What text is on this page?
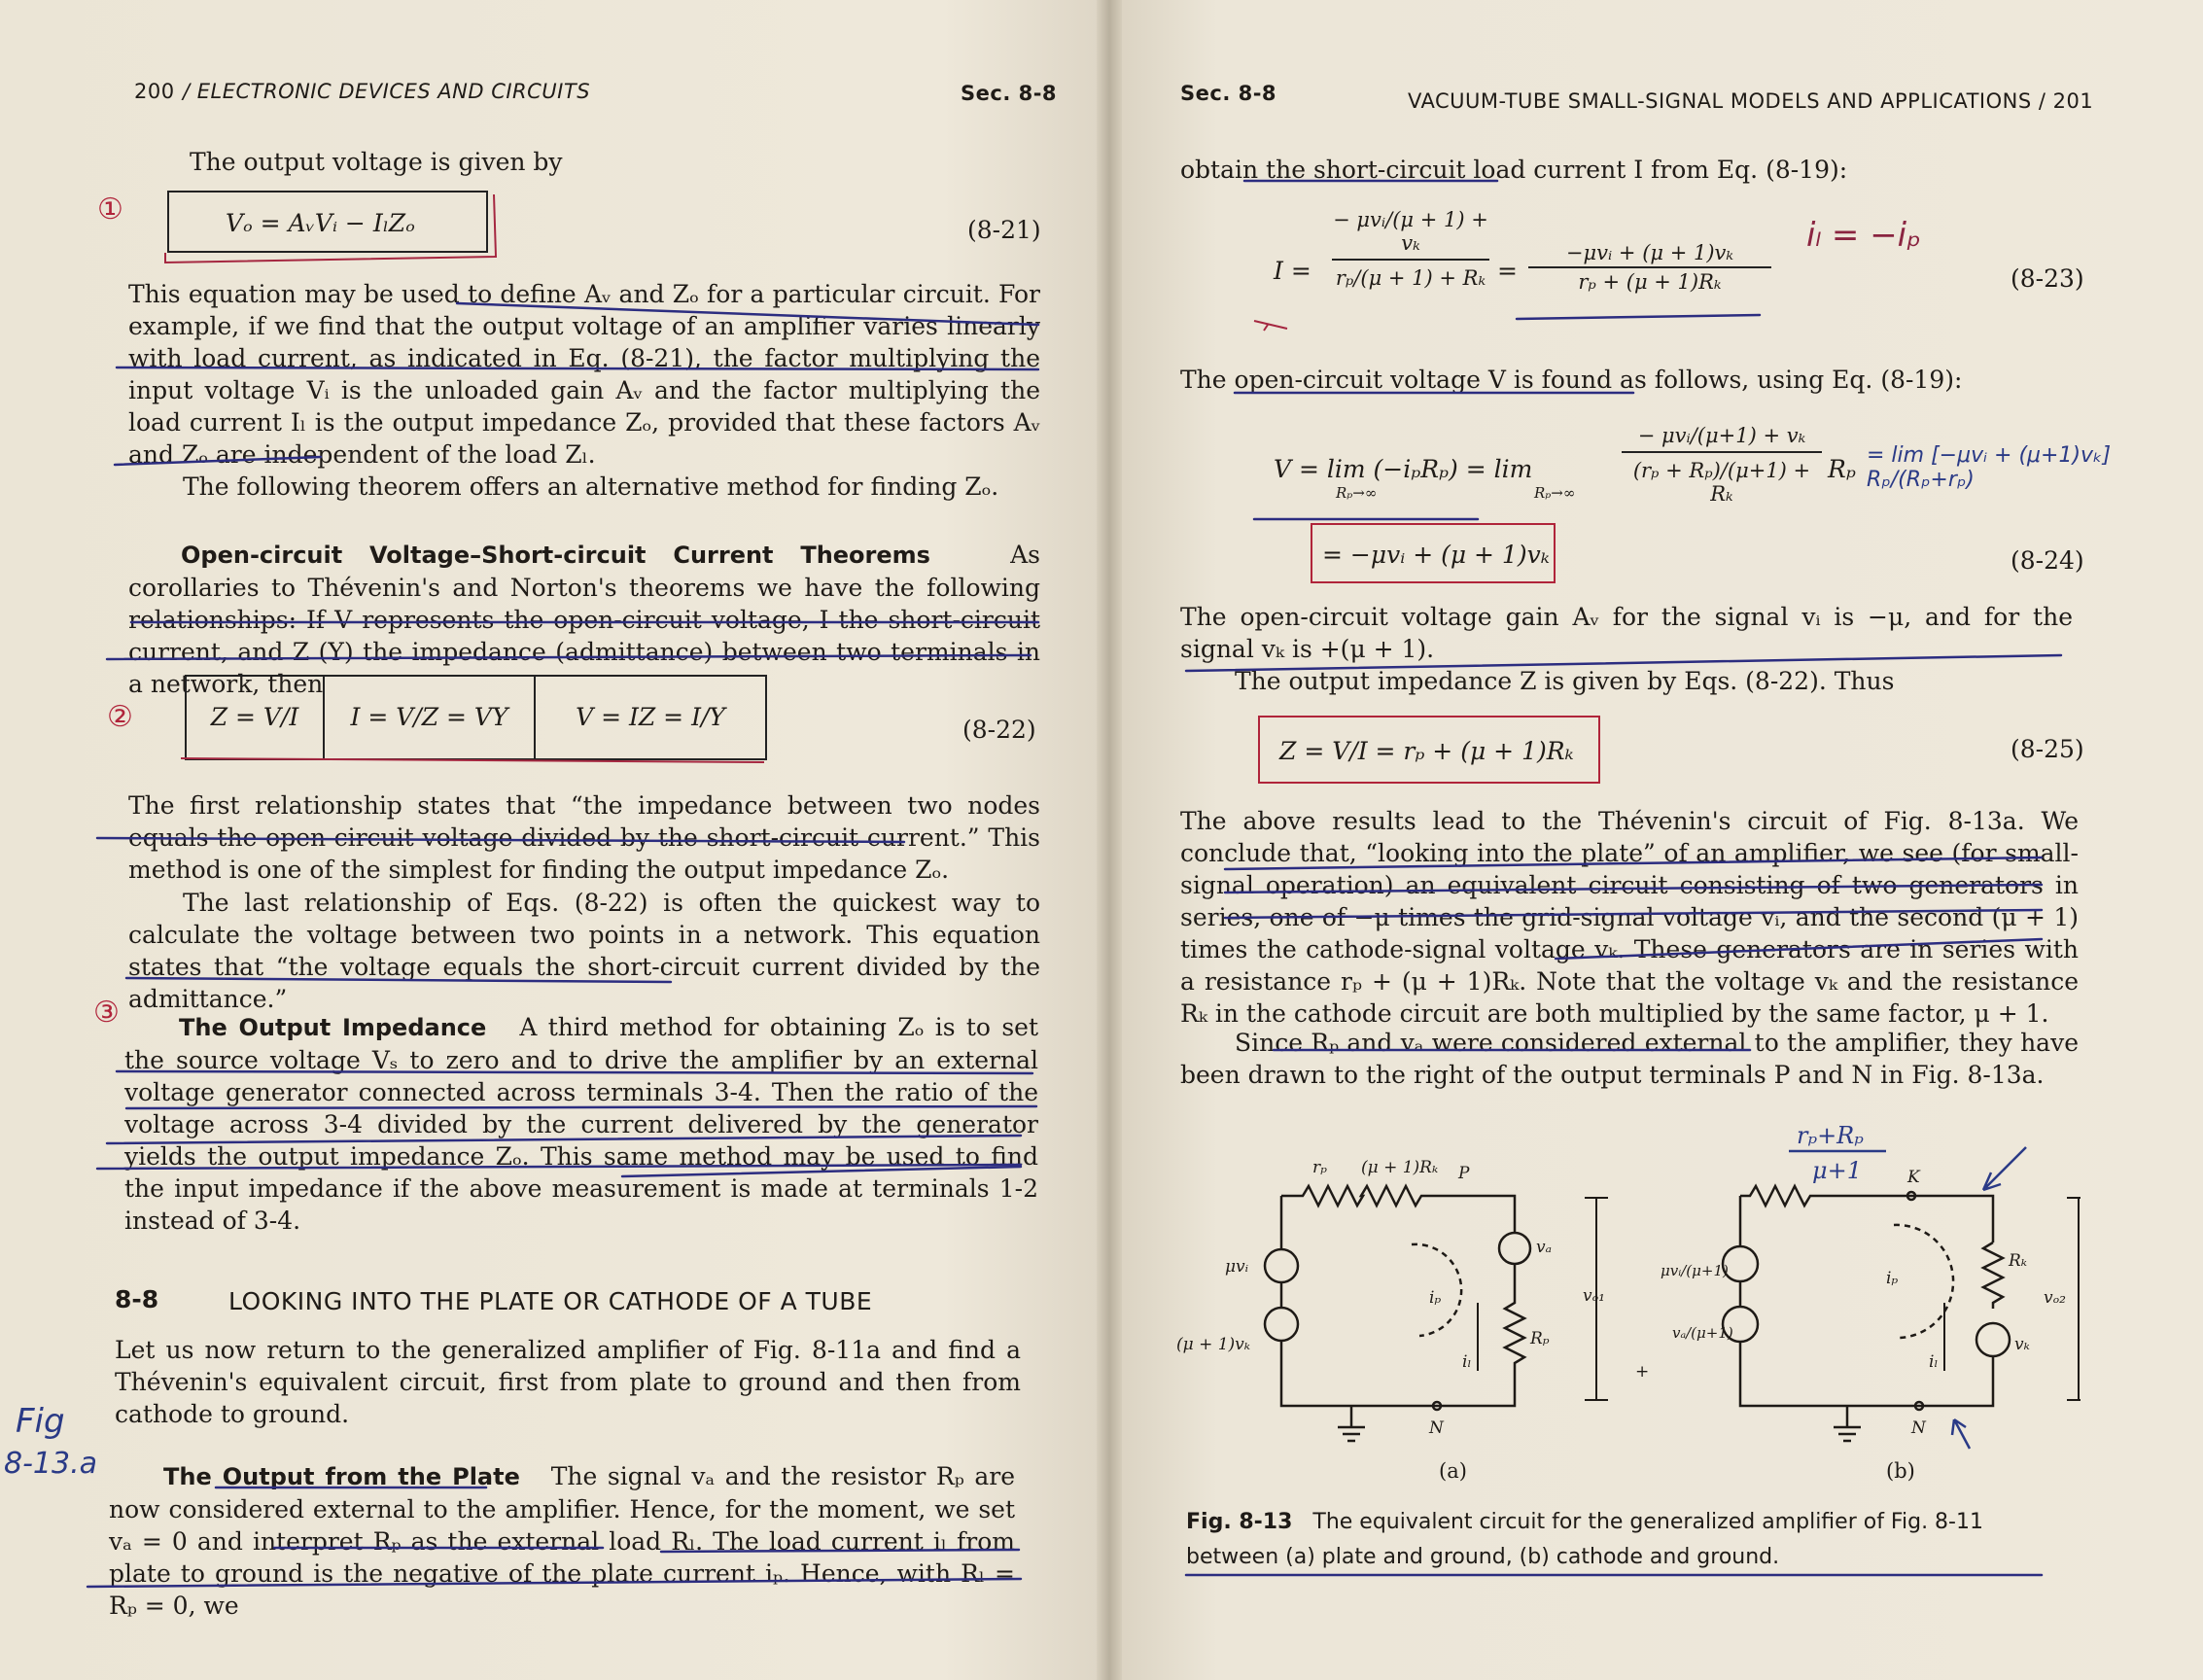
200 / ELECTRONIC DEVICES AND CIRCUITS	Sec. 8-8
The output voltage is given by
①	Vₒ = AᵥVᵢ − IₗZₒ	(8-21)
This equation may be used to define Aᵥ and Zₒ for a particular circuit. For example, if we find that the output voltage of an amplifier varies linearly with load current, as indicated in Eq. (8-21), the factor multiplying the input voltage Vᵢ is the unloaded gain Aᵥ and the factor multiplying the load current Iₗ is the output impedance Zₒ, provided that these factors Aᵥ and Zₒ are independent of the load Zₗ.
The following theorem offers an alternative method for finding Zₒ.
Open-circuit Voltage–Short-circuit Current Theorems	As corollaries to Thévenin's and Norton's theorems we have the following relationships: If V represents the open-circuit voltage, I the short-circuit current, and Z (Y) the impedance (admittance) between two terminals in a network, then
②	Z = V/I	I = V/Z = VY	V = IZ = I/Y	(8-22)
The first relationship states that “the impedance between two nodes equals the open-circuit voltage divided by the short-circuit current.” This method is one of the simplest for finding the output impedance Zₒ.
The last relationship of Eqs. (8-22) is often the quickest way to calculate the voltage between two points in a network. This equation states that “the voltage equals the short-circuit current divided by the admittance.”
③	The Output Impedance A third method for obtaining Zₒ is to set the source voltage Vₛ to zero and to drive the amplifier by an external voltage generator connected across terminals 3-4. Then the ratio of the voltage across 3-4 divided by the current delivered by the generator yields the output impedance Zₒ. This same method may be used to find the input impedance if the above measurement is made at terminals 1-2 instead of 3-4.
8-8	LOOKING INTO THE PLATE OR CATHODE OF A TUBE
Let us now return to the generalized amplifier of Fig. 8-11a and find a Thévenin's equivalent circuit, first from plate to ground and then from cathode to ground.
Fig
8-13.a	The Output from the Plate The signal vₐ and the resistor Rₚ are now considered external to the amplifier. Hence, for the moment, we set vₐ = 0 and interpret Rₚ as the external load Rₗ. The load current iₗ from plate to ground is the negative of the plate current iₚ. Hence, with Rₗ = Rₚ = 0, we
Sec. 8-8	VACUUM-TUBE SMALL-SIGNAL MODELS AND APPLICATIONS / 201
obtain the short-circuit load current I from Eq. (8-19):
I =
− μvᵢ/(μ + 1) + vₖ
rₚ/(μ + 1) + Rₖ =
−μvᵢ + (μ + 1)vₖ
rₚ + (μ + 1)Rₖ
iₗ = −iₚ
(8-23)
The open-circuit voltage V is found as follows, using Eq. (8-19):
V = lim (−iₚRₚ) = lim
Rₚ→∞	Rₚ→∞
− μvᵢ/(μ+1) + vₖ
(rₚ + Rₚ)/(μ+1) + Rₖ
Rₚ = lim [−μvᵢ + (μ+1)vₖ] Rₚ/(Rₚ+rₚ)
= −μvᵢ + (μ + 1)vₖ	(8-24)
The open-circuit voltage gain Aᵥ for the signal vᵢ is −μ, and for the signal vₖ is +(μ + 1).
The output impedance Z is given by Eqs. (8-22). Thus
Z = V/I = rₚ + (μ + 1)Rₖ	(8-25)
The above results lead to the Thévenin's circuit of Fig. 8-13a. We conclude that, “looking into the plate” of an amplifier, we see (for small-signal operation) an equivalent circuit consisting of two generators in series, one of −μ times the grid-signal voltage vᵢ, and the second (μ + 1) times the cathode-signal voltage vₖ. These generators are in series with a resistance rₚ + (μ + 1)Rₖ. Note that the voltage vₖ and the resistance Rₖ in the cathode circuit are both multiplied by the same factor, μ + 1.
Since Rₚ and vₐ were considered external to the amplifier, they have been drawn to the right of the output terminals P and N in Fig. 8-13a.
rₚ (μ + 1)Rₖ P
N
μvᵢ
(μ + 1)vₖ
vₐ
Rₚ
iₚ
iₗ
vₒ₁
+
(a)
K
N
μvᵢ/(μ+1)
vₐ/(μ+1)
Rₖ
vₖ
iₚ
iₗ
vₒ₂
(b)
rₚ+Rₚ
μ+1
Fig. 8-13 The equivalent circuit for the generalized amplifier of Fig. 8-11 between (a) plate and ground, (b) cathode and ground.
